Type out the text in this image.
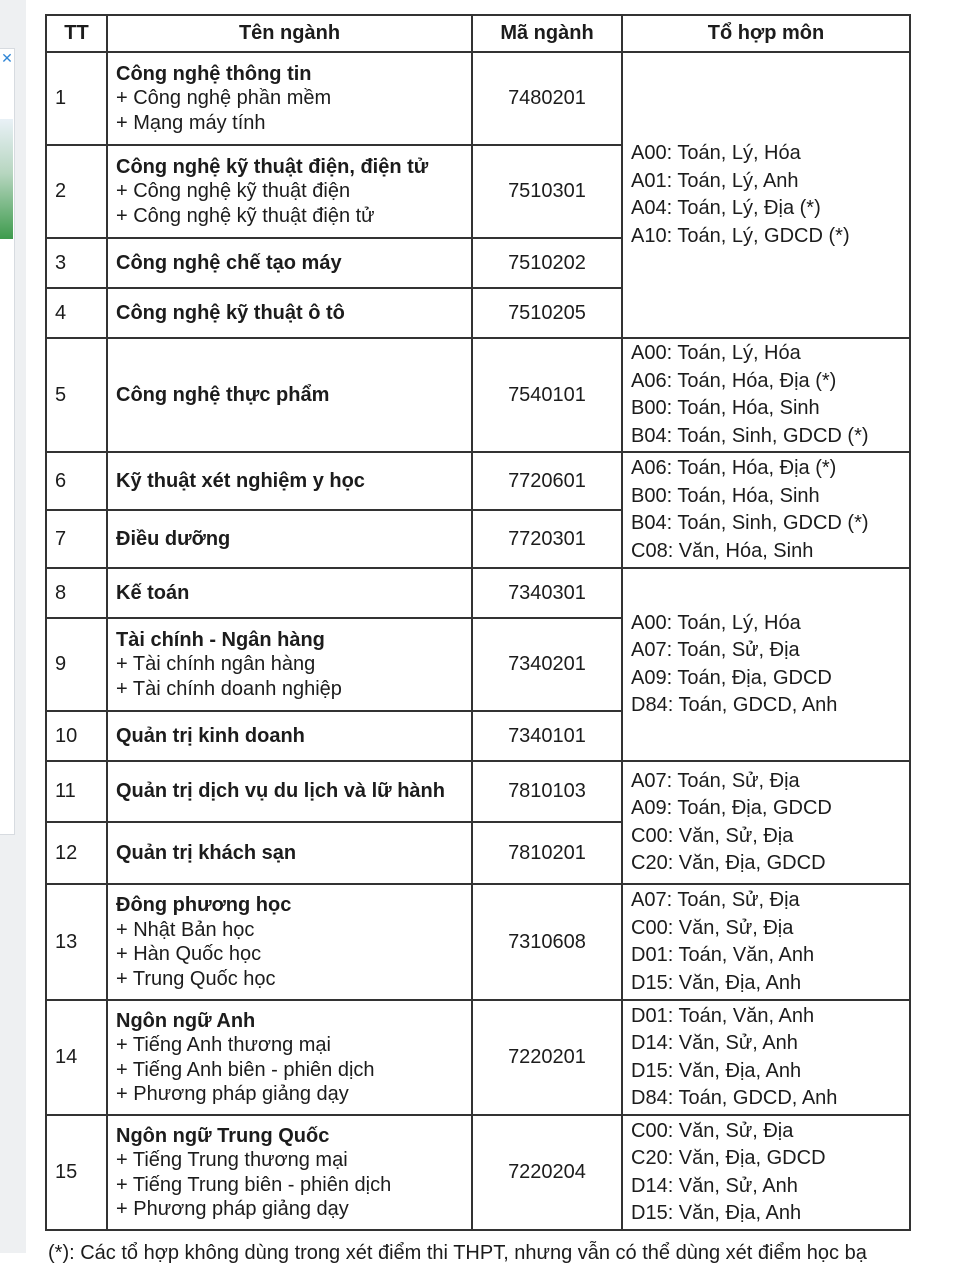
✕
TT	Tên ngành	Mã ngành	Tổ hợp môn
1	Công nghệ thông tin
+ Công nghệ phần mềm
+ Mạng máy tính	7480201	A00: Toán, Lý, Hóa
A01: Toán, Lý, Anh
A04: Toán, Lý, Địa (*)
A10: Toán, Lý, GDCD (*)

2	Công nghệ kỹ thuật điện, điện tử
+ Công nghệ kỹ thuật điện
+ Công nghệ kỹ thuật điện tử	7510301	
3	Công nghệ chế tạo máy	7510202	
4	Công nghệ kỹ thuật ô tô	7510205	
5	Công nghệ thực phẩm	7540101	A00: Toán, Lý, Hóa
A06: Toán, Hóa, Địa (*)
B00: Toán, Hóa, Sinh
B04: Toán, Sinh, GDCD (*)

6	Kỹ thuật xét nghiệm y học	7720601	A06: Toán, Hóa, Địa (*)
B00: Toán, Hóa, Sinh
B04: Toán, Sinh, GDCD (*)
C08: Văn, Hóa, Sinh

7	Điều dưỡng	7720301	
8	Kế toán	7340301	A00: Toán, Lý, Hóa
A07: Toán, Sử, Địa
A09: Toán, Địa, GDCD
D84: Toán, GDCD, Anh

9	Tài chính - Ngân hàng
+ Tài chính ngân hàng
+ Tài chính doanh nghiệp	7340201	
10	Quản trị kinh doanh	7340101	
11	Quản trị dịch vụ du lịch và lữ hành	7810103	A07: Toán, Sử, Địa
A09: Toán, Địa, GDCD
C00: Văn, Sử, Địa
C20: Văn, Địa, GDCD

12	Quản trị khách sạn	7810201	
13	Đông phương học
+ Nhật Bản học
+ Hàn Quốc học
+ Trung Quốc học	7310608	A07: Toán, Sử, Địa
C00: Văn, Sử, Địa
D01: Toán, Văn, Anh
D15: Văn, Địa, Anh

14	Ngôn ngữ Anh
+ Tiếng Anh thương mại
+ Tiếng Anh biên - phiên dịch
+ Phương pháp giảng dạy	7220201	D01: Toán, Văn, Anh
D14: Văn, Sử, Anh
D15: Văn, Địa, Anh
D84: Toán, GDCD, Anh

15	Ngôn ngữ Trung Quốc
+ Tiếng Trung thương mại
+ Tiếng Trung biên - phiên dịch
+ Phương pháp giảng dạy	7220204	C00: Văn, Sử, Địa
C20: Văn, Địa, GDCD
D14: Văn, Sử, Anh
D15: Văn, Địa, Anh
(*): Các tổ hợp không dùng trong xét điểm thi THPT, nhưng vẫn có thể dùng xét điểm học bạ
